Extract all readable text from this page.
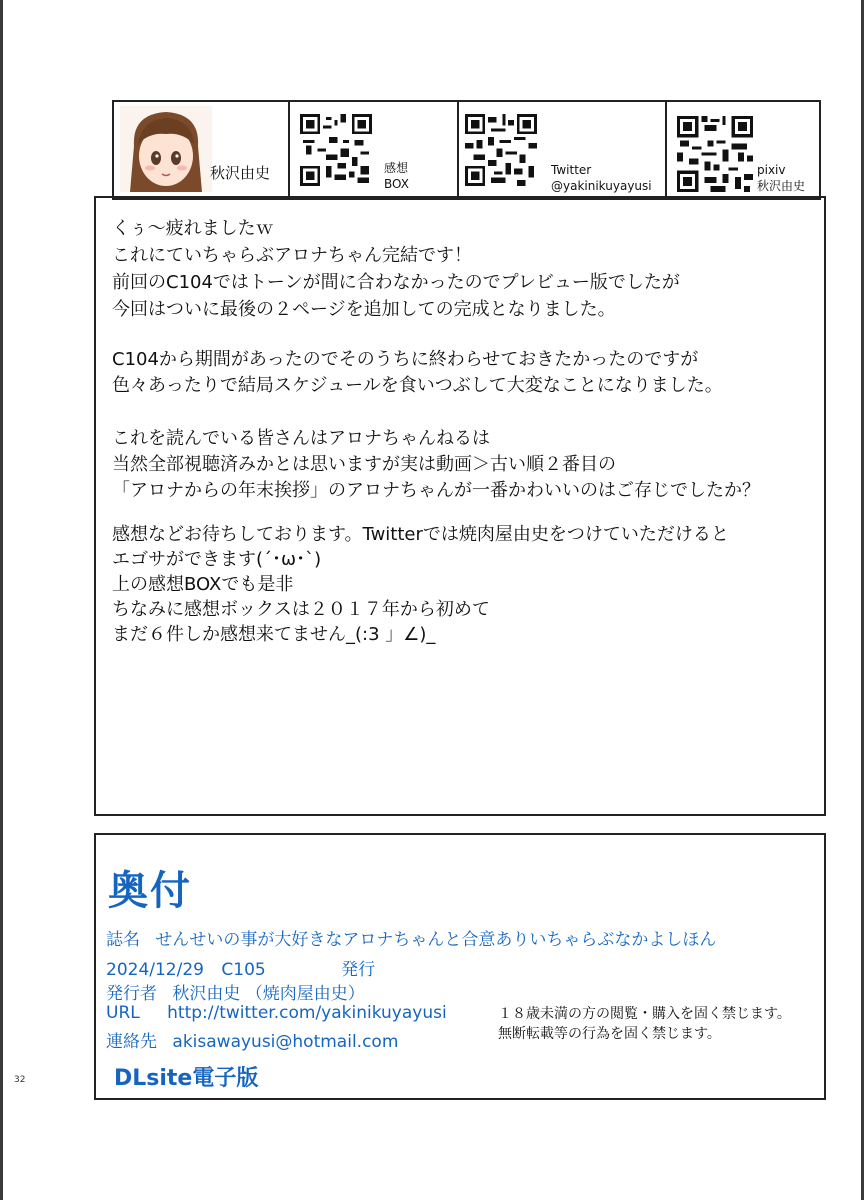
秋沢由史	感想
BOX
Twitter
@yakinikuyayusi
pixiv
秋沢由史
くぅ～疲れましたｗ
これにていちゃらぶアロナちゃん完結です！
前回のC104ではトーンが間に合わなかったのでプレビュー版でしたが
今回はついに最後の２ページを追加しての完成となりました。
C104から期間があったのでそのうちに終わらせておきたかったのですが
色々あったりで結局スケジュールを食いつぶして大変なことになりました。
これを読んでいる皆さんはアロナちゃんねるは
当然全部視聴済みかとは思いますが実は動画＞古い順２番目の
「アロナからの年末挨拶」のアロナちゃんが一番かわいいのはご存じでしたか？
感想などお待ちしております。Twitterでは焼肉屋由史をつけていただけると
エゴサができます(´･ω･`)
上の感想BOXでも是非
ちなみに感想ボックスは２０１７年から初めて
まだ６件しか感想来てません_(:3 」∠)_
奥付
誌名 せんせいの事が大好きなアロナちゃんと合意ありいちゃらぶなかよしほん
2024/12/29 C105	発行
発行者 秋沢由史 （焼肉屋由史）
URL http://twitter.com/yakinikuyayusi
連絡先 akisawayusi@hotmail.com
１８歳未満の方の閲覧・購入を固く禁じます。
無断転載等の行為を固く禁じます。
DLsite電子版
32
